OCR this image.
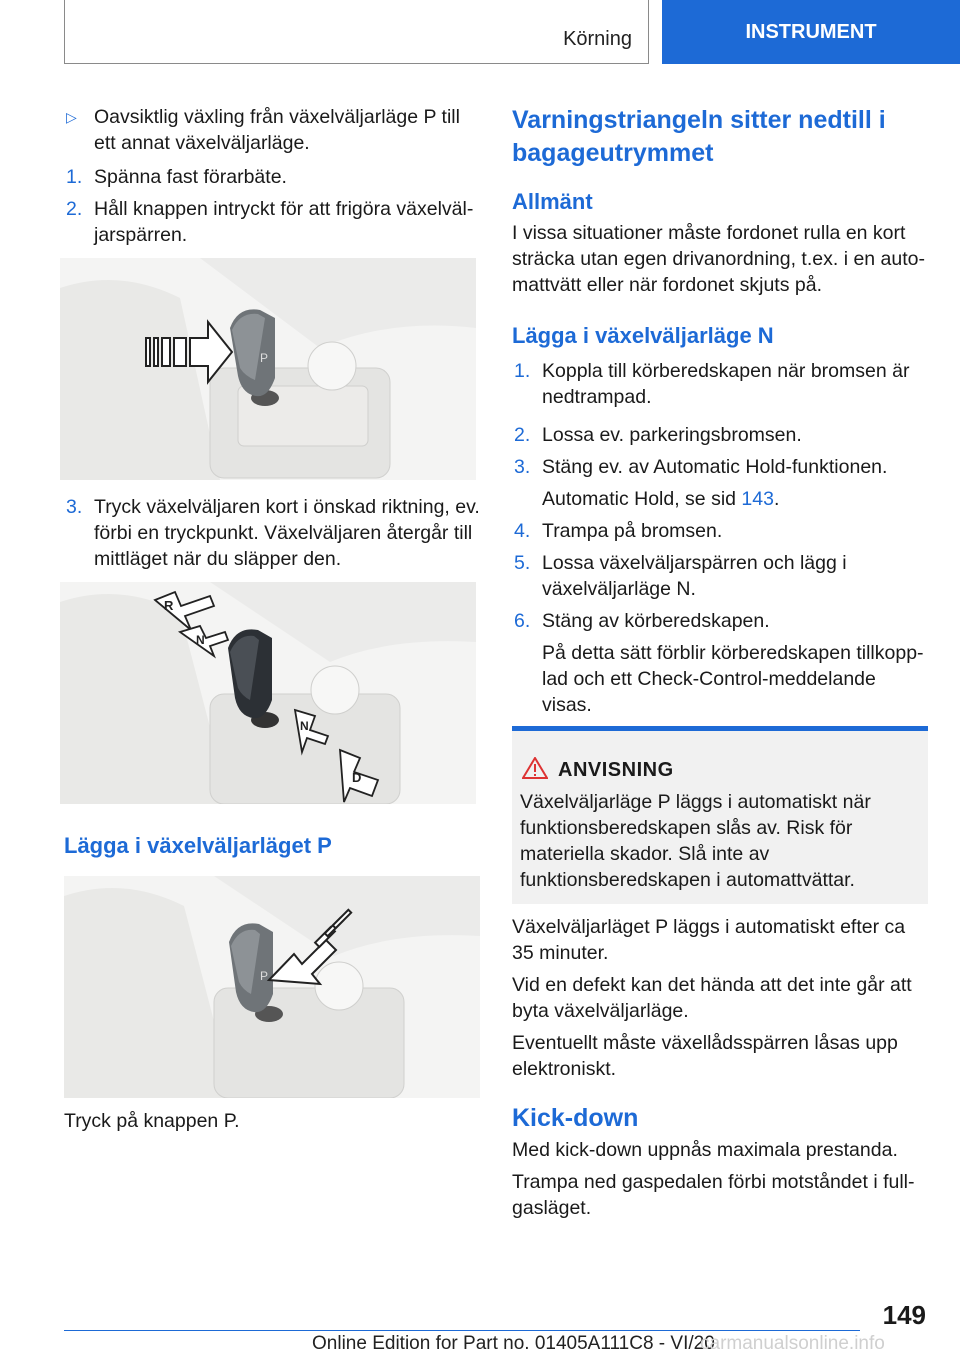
Körning	INSTRUMENT
▷ Oavsiktlig växling från växelväljarläge P till ett annat växelväljarläge.
1. Spänna fast förarbäte.
2. Håll knappen intryckt för att frigöra växelväljarspärren.
P
3. Tryck växelväljaren kort i önskad riktning, ev. förbi en tryckpunkt. Växelväljaren återgår till mittläget när du släpper den.
R
N
N
D

Lägga i växelväljarläget P

P

Tryck på knappen P.

Varningstriangeln sitter nedtill i bagageutrymmet

Allmänt

I vissa situationer måste fordonet rulla en kort sträcka utan egen drivanordning, t.ex. i en automattvätt eller när fordonet skjuts på.

Lägga i växelväljarläge N

1. Koppla till körberedskapen när bromsen är nedtrampad.
2. Lossa ev. parkeringsbromsen.
3. Stäng ev. av Automatic Hold-funktionen.
Automatic Hold, se sid 143.
4. Trampa på bromsen.
5. Lossa växelväljarspärren och lägg i växelväljarläge N.
6. Stäng av körberedskapen.
På detta sätt förblir körberedskapen tillkopplad och ett Check-Control-meddelande visas.
ANVISNING
Växelväljarläge P läggs i automatiskt när funktionsberedskapen slås av. Risk för materiella skador. Slå inte av funktionsberedskapen i automattvättar.

Växelväljarläget P läggs i automatiskt efter ca 35 minuter.

Vid en defekt kan det hända att det inte går att byta växelväljarläge.

Eventuellt måste växellådsspärren låsas upp elektroniskt.

Kick-down

Med kick-down uppnås maximala prestanda.

Trampa ned gaspedalen förbi motståndet i fullgasläget.

149
Online Edition for Part no. 01405A111C8 - VI/20
carmanualsonline.info
